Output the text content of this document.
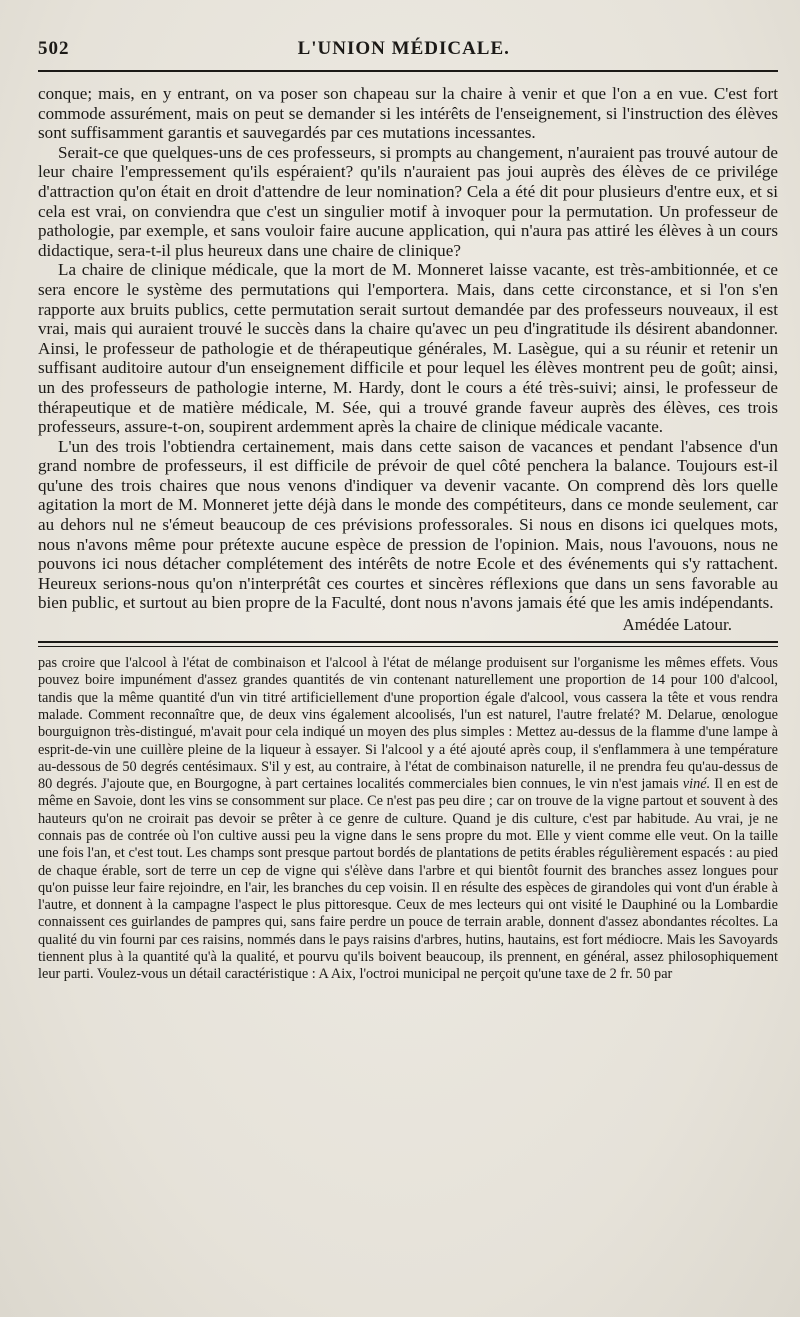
502	L'UNION MÉDICALE.

conque; mais, en y entrant, on va poser son chapeau sur la chaire à venir et que l'on a en vue. C'est fort commode assurément, mais on peut se demander si les intérêts de l'enseignement, si l'instruction des élèves sont suffisamment garantis et sauvegardés par ces mutations incessantes.

Serait-ce que quelques-uns de ces professeurs, si prompts au changement, n'auraient pas trouvé autour de leur chaire l'empressement qu'ils espéraient? qu'ils n'auraient pas joui auprès des élèves de ce privilége d'attraction qu'on était en droit d'attendre de leur nomination? Cela a été dit pour plusieurs d'entre eux, et si cela est vrai, on conviendra que c'est un singulier motif à invoquer pour la permutation. Un professeur de pathologie, par exemple, et sans vouloir faire aucune application, qui n'aura pas attiré les élèves à un cours didactique, sera-t-il plus heureux dans une chaire de clinique?

La chaire de clinique médicale, que la mort de M. Monneret laisse vacante, est très-ambitionnée, et ce sera encore le système des permutations qui l'emportera. Mais, dans cette circonstance, et si l'on s'en rapporte aux bruits publics, cette permutation serait surtout demandée par des professeurs nouveaux, il est vrai, mais qui auraient trouvé le succès dans la chaire qu'avec un peu d'ingratitude ils désirent abandonner. Ainsi, le professeur de pathologie et de thérapeutique générales, M. Lasègue, qui a su réunir et retenir un suffisant auditoire autour d'un enseignement difficile et pour lequel les élèves montrent peu de goût; ainsi, un des professeurs de pathologie interne, M. Hardy, dont le cours a été très-suivi; ainsi, le professeur de thérapeutique et de matière médicale, M. Sée, qui a trouvé grande faveur auprès des élèves, ces trois professeurs, assure-t-on, soupirent ardemment après la chaire de clinique médicale vacante.

L'un des trois l'obtiendra certainement, mais dans cette saison de vacances et pendant l'absence d'un grand nombre de professeurs, il est difficile de prévoir de quel côté penchera la balance. Toujours est-il qu'une des trois chaires que nous venons d'indiquer va devenir vacante. On comprend dès lors quelle agitation la mort de M. Monneret jette déjà dans le monde des compétiteurs, dans ce monde seulement, car au dehors nul ne s'émeut beaucoup de ces prévisions professorales. Si nous en disons ici quelques mots, nous n'avons même pour prétexte aucune espèce de pression de l'opinion. Mais, nous l'avouons, nous ne pouvons ici nous détacher complétement des intérêts de notre Ecole et des événements qui s'y rattachent. Heureux serions-nous qu'on n'interprétât ces courtes et sincères réflexions que dans un sens favorable au bien public, et surtout au bien propre de la Faculté, dont nous n'avons jamais été que les amis indépendants.

Amédée Latour.

pas croire que l'alcool à l'état de combinaison et l'alcool à l'état de mélange produisent sur l'organisme les mêmes effets. Vous pouvez boire impunément d'assez grandes quantités de vin contenant naturellement une proportion de 14 pour 100 d'alcool, tandis que la même quantité d'un vin titré artificiellement d'une proportion égale d'alcool, vous cassera la tête et vous rendra malade. Comment reconnaître que, de deux vins également alcoolisés, l'un est naturel, l'autre frelaté? M. Delarue, œnologue bourguignon très-distingué, m'avait pour cela indiqué un moyen des plus simples : Mettez au-dessus de la flamme d'une lampe à esprit-de-vin une cuillère pleine de la liqueur à essayer. Si l'alcool y a été ajouté après coup, il s'enflammera à une température au-dessous de 50 degrés centésimaux. S'il y est, au contraire, à l'état de combinaison naturelle, il ne prendra feu qu'au-dessus de 80 degrés. J'ajoute que, en Bourgogne, à part certaines localités commerciales bien connues, le vin n'est jamais viné. Il en est de même en Savoie, dont les vins se consomment sur place. Ce n'est pas peu dire ; car on trouve de la vigne partout et souvent à des hauteurs qu'on ne croirait pas devoir se prêter à ce genre de culture. Quand je dis culture, c'est par habitude. Au vrai, je ne connais pas de contrée où l'on cultive aussi peu la vigne dans le sens propre du mot. Elle y vient comme elle veut. On la taille une fois l'an, et c'est tout. Les champs sont presque partout bordés de plantations de petits érables régulièrement espacés : au pied de chaque érable, sort de terre un cep de vigne qui s'élève dans l'arbre et qui bientôt fournit des branches assez longues pour qu'on puisse leur faire rejoindre, en l'air, les branches du cep voisin. Il en résulte des espèces de girandoles qui vont d'un érable à l'autre, et donnent à la campagne l'aspect le plus pittoresque. Ceux de mes lecteurs qui ont visité le Dauphiné ou la Lombardie connaissent ces guirlandes de pampres qui, sans faire perdre un pouce de terrain arable, donnent d'assez abondantes récoltes. La qualité du vin fourni par ces raisins, nommés dans le pays raisins d'arbres, hutins, hautains, est fort médiocre. Mais les Savoyards tiennent plus à la quantité qu'à la qualité, et pourvu qu'ils boivent beaucoup, ils prennent, en général, assez philosophiquement leur parti. Voulez-vous un détail caractéristique : A Aix, l'octroi municipal ne perçoit qu'une taxe de 2 fr. 50 par
